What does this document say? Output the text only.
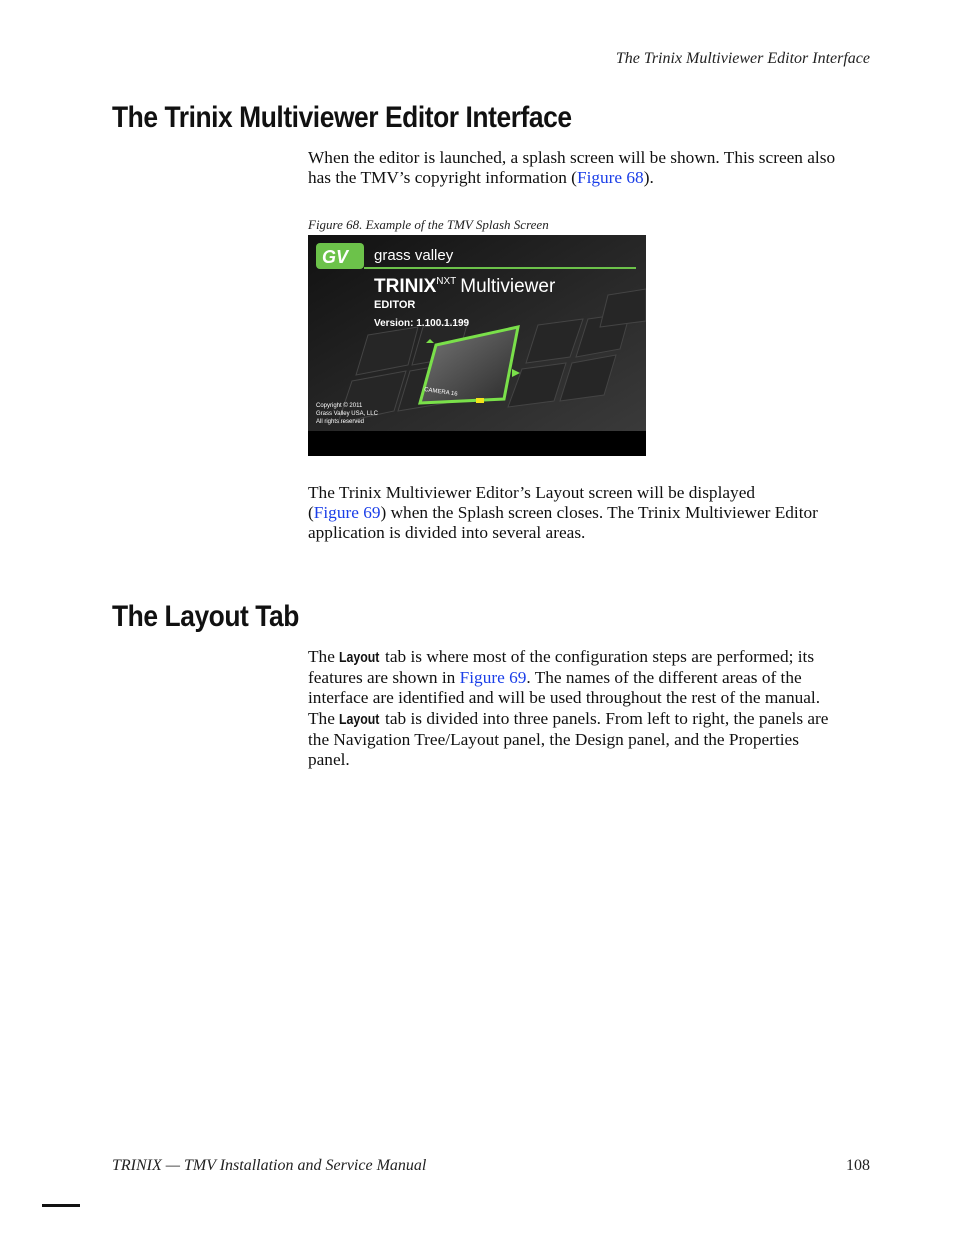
The Trinix Multiviewer Editor Interface
The Trinix Multiviewer Editor Interface

When the editor is launched, a splash screen will be shown. This screen also
has the TMV’s copyright information (Figure 68).

Figure 68. Example of the TMV Splash Screen
CAMERA 16
GV grass valley
$TRINIX^{NXT}$ Multiviewer
EDITOR
Version: 1.100.1.199
Copyright © 2011
Grass Valley USA, LLC
All rights reserved

The Trinix Multiviewer Editor’s Layout screen will be displayed
(Figure 69) when the Splash screen closes. The Trinix Multiviewer Editor
application is divided into several areas.

The Layout Tab

The Layout tab is where most of the configuration steps are performed; its
features are shown in Figure 69. The names of the different areas of the
interface are identified and will be used throughout the rest of the manual.
The Layout tab is divided into three panels. From left to right, the panels are
the Navigation Tree/Layout panel, the Design panel, and the Properties
panel.

TRINIX — TMV Installation and Service Manual	108
